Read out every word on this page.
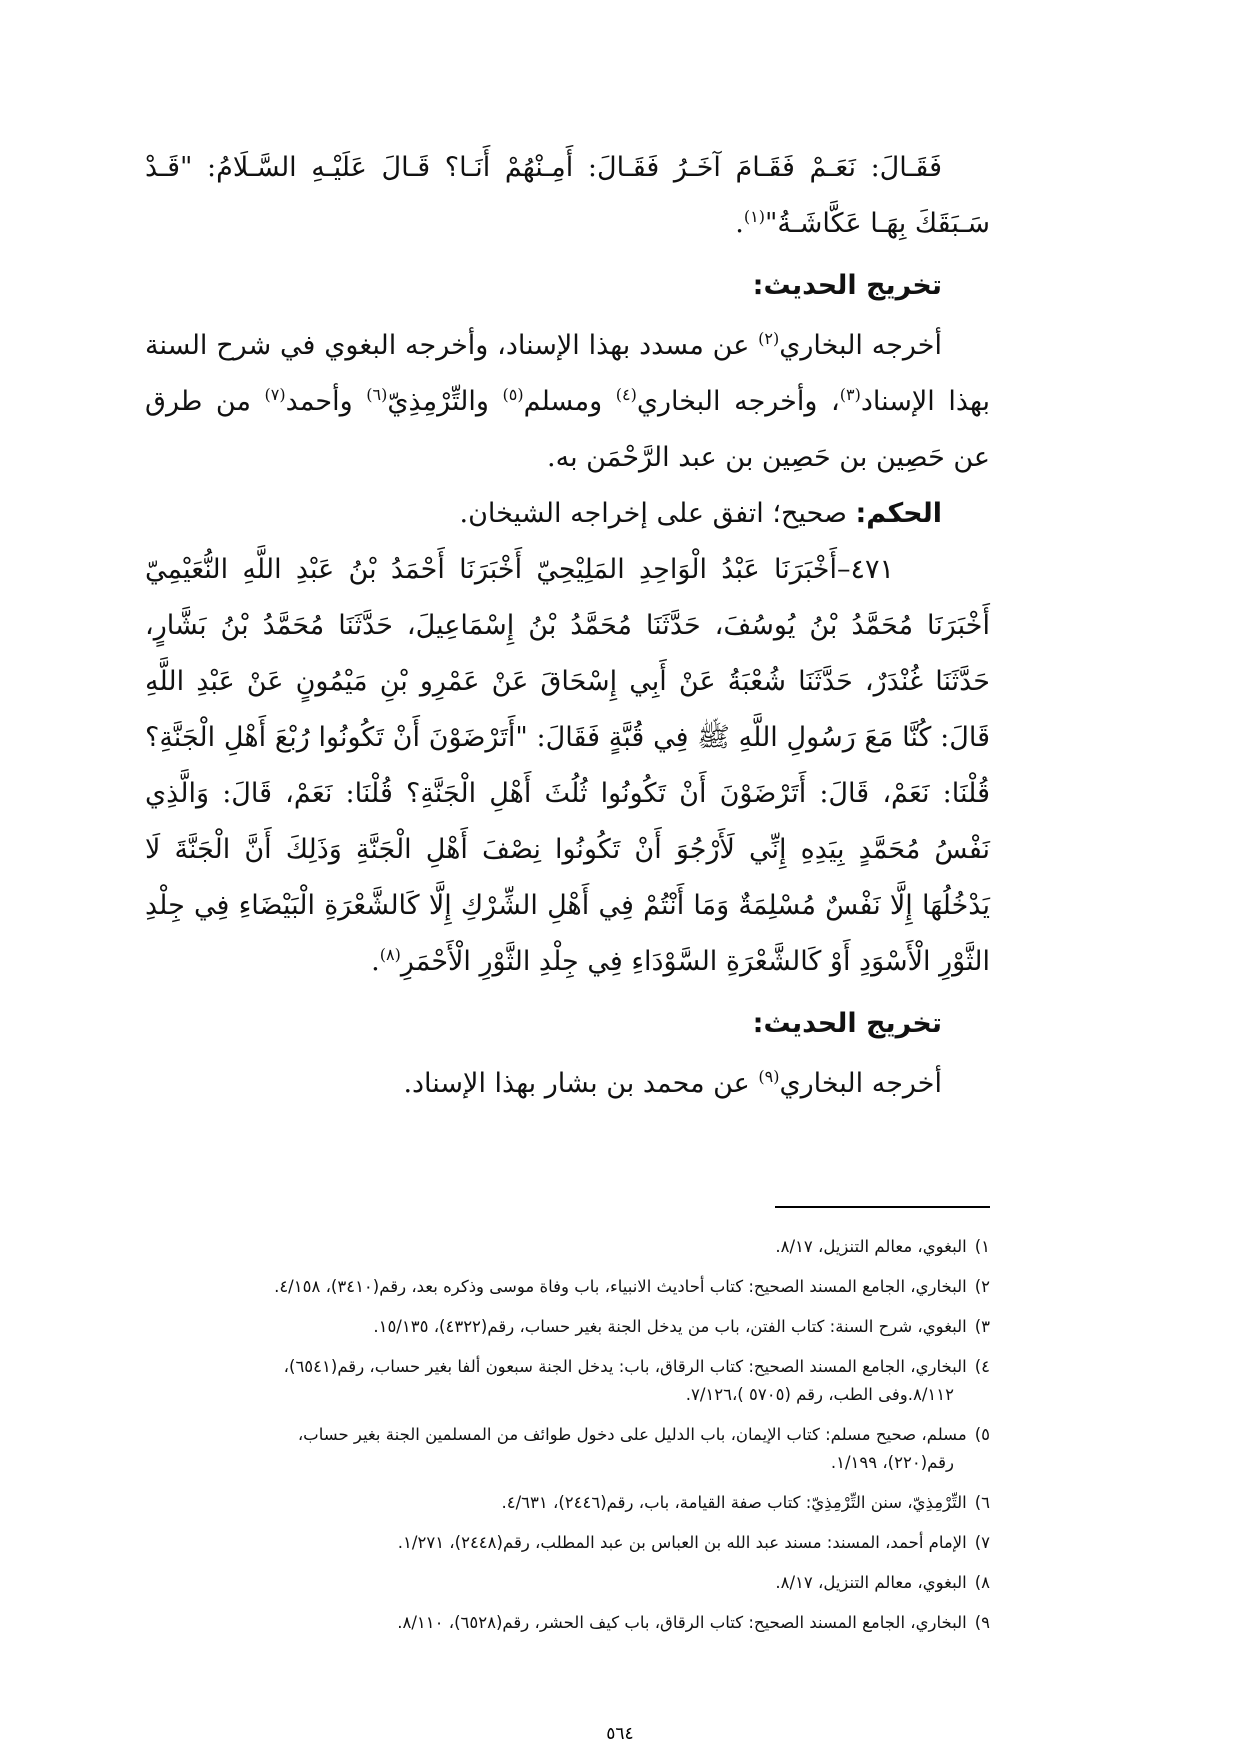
فَقَـالَ: نَعَـمْ فَقَـامَ آخَـرُ فَقَـالَ: أَمِـنْهُمْ أَنَـا؟ قَـالَ عَلَيْـهِ السَّـلَامُ: "قَـدْ سَـبَقَكَ بِهَـا عَكَّاشَـةُ"$^{(١)}$.

تخريج الحديث:

أخرجه البخاري$^{(٢)}$ عن مسدد بهذا الإسناد، وأخرجه البغوي في شرح السنة بهذا الإسناد$^{(٣)}$، وأخرجه البخاري$^{(٤)}$ ومسلم$^{(٥)}$ والتِّرْمِذِيّ$^{(٦)}$ وأحمد$^{(٧)}$ من طرق عن حَصِين بن حَصِين بن عبد الرَّحْمَن به.

الحكم: صحيح؛ اتفق على إخراجه الشيخان.

٤٧١–أَخْبَرَنَا عَبْدُ الْوَاحِدِ المَلِيْحِيّ أَخْبَرَنَا أَحْمَدُ بْنُ عَبْدِ اللَّهِ النُّعَيْمِيّ أَخْبَرَنَا مُحَمَّدُ بْنُ يُوسُفَ، حَدَّثَنَا مُحَمَّدُ بْنُ إِسْمَاعِيلَ، حَدَّثَنَا مُحَمَّدُ بْنُ بَشَّارٍ، حَدَّثَنَا غُنْدَرٌ، حَدَّثَنَا شُعْبَةُ عَنْ أَبِي إِسْحَاقَ عَنْ عَمْرِو بْنِ مَيْمُونٍ عَنْ عَبْدِ اللَّهِ قَالَ: كُنَّا مَعَ رَسُولِ اللَّهِ ﷺ فِي قُبَّةٍ فَقَالَ: "أَتَرْضَوْنَ أَنْ تَكُونُوا رُبْعَ أَهْلِ الْجَنَّةِ؟ قُلْنَا: نَعَمْ، قَالَ: أَتَرْضَوْنَ أَنْ تَكُونُوا ثُلُثَ أَهْلِ الْجَنَّةِ؟ قُلْنَا: نَعَمْ، قَالَ: وَالَّذِي نَفْسُ مُحَمَّدٍ بِيَدِهِ إِنِّي لَأَرْجُوَ أَنْ تَكُونُوا نِصْفَ أَهْلِ الْجَنَّةِ وَذَلِكَ أَنَّ الْجَنَّةَ لَا يَدْخُلُهَا إِلَّا نَفْسٌ مُسْلِمَةٌ وَمَا أَنْتُمْ فِي أَهْلِ الشِّرْكِ إِلَّا كَالشَّعْرَةِ الْبَيْضَاءِ فِي جِلْدِ الثَّوْرِ الْأَسْوَدِ أَوْ كَالشَّعْرَةِ السَّوْدَاءِ فِي جِلْدِ الثَّوْرِ الْأَحْمَرِ$^{(٨)}$.

تخريج الحديث:

أخرجه البخاري$^{(٩)}$ عن محمد بن بشار بهذا الإسناد.

١) البغوي، معالم التنزيل، ٨/١٧.

٢) البخاري، الجامع المسند الصحيح: كتاب أحاديث الانبياء، باب وفاة موسى وذكره بعد، رقم(٣٤١٠)، ٤/١٥٨.

٣) البغوي، شرح السنة: كتاب الفتن، باب من يدخل الجنة بغير حساب، رقم(٤٣٢٢)، ١٥/١٣٥.

٤) البخاري، الجامع المسند الصحيح: كتاب الرقاق، باب: يدخل الجنة سبعون ألفا بغير حساب، رقم(٦٥٤١)،
٨/١١٢.وفى الطب، رقم (٥٧٠٥ )،٧/١٢٦.

٥) مسلم، صحيح مسلم: كتاب الإيمان، باب الدليل على دخول طوائف من المسلمين الجنة بغير حساب،
رقم(٢٢٠)، ١/١٩٩.

٦) التِّرْمِذِيّ، سنن التِّرْمِذِيّ: كتاب صفة القيامة، باب، رقم(٢٤٤٦)، ٤/٦٣١.

٧) الإمام أحمد، المسند: مسند عبد الله بن العباس بن عبد المطلب، رقم(٢٤٤٨)، ١/٢٧١.

٨) البغوي، معالم التنزيل، ٨/١٧.

٩) البخاري، الجامع المسند الصحيح: كتاب الرقاق، باب كيف الحشر، رقم(٦٥٢٨)، ٨/١١٠.

٥٦٤
